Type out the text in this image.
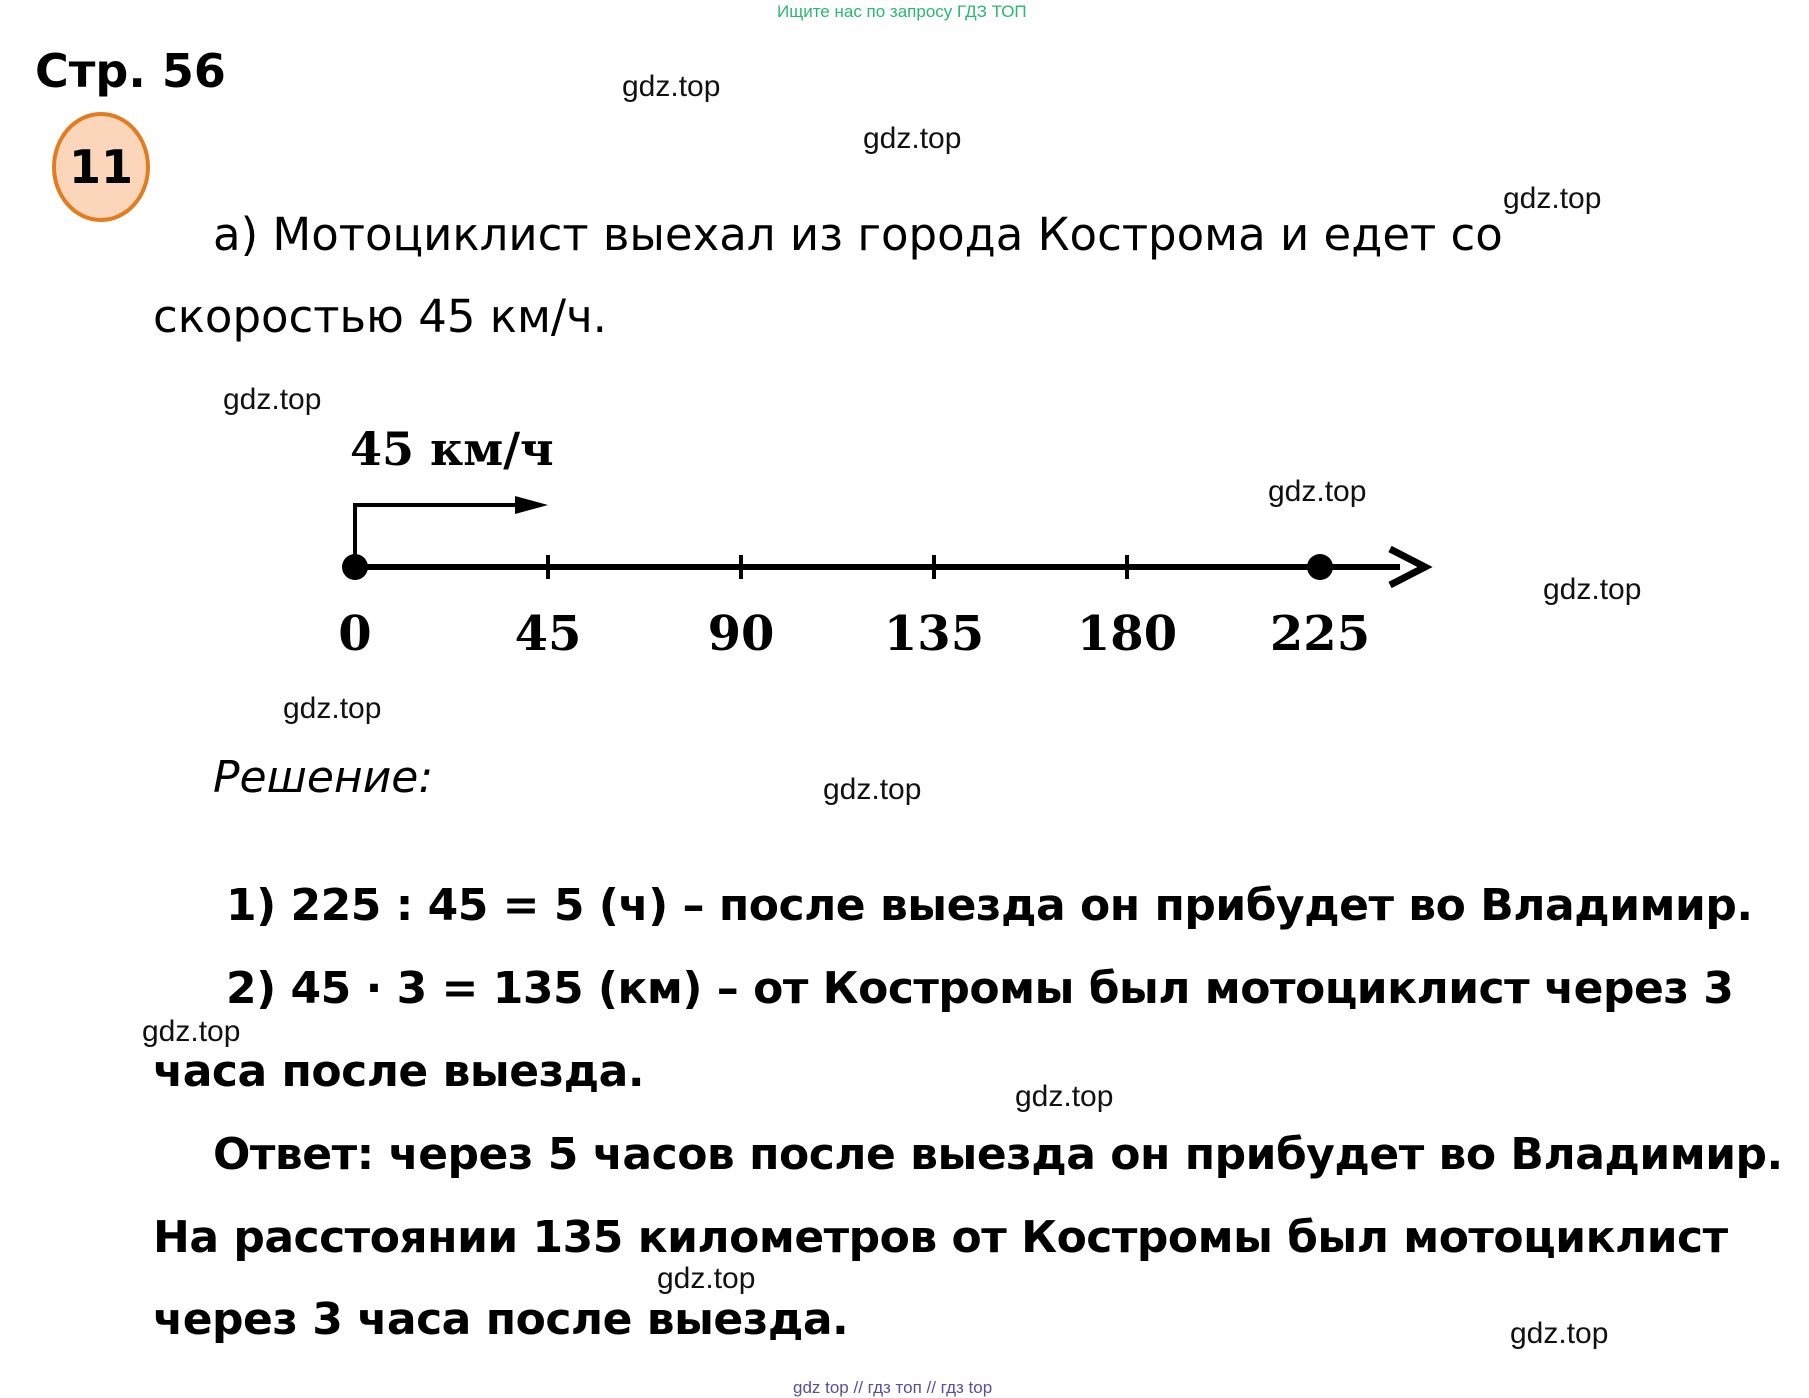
Ищите нас по запросу ГДЗ ТОП
Стр. 56
11
а) Мотоциклист выехал из города Кострома и едет со
скоростью 45 км/ч.
45 км/ч
0	45	90 135 180 225
Решение:
1) 225 : 45 = 5 (ч) – после выезда он прибудет во Владимир.
2) 45 · 3 = 135 (км) – от Костромы был мотоциклист через 3
часа после выезда.
Ответ: через 5 часов после выезда он прибудет во Владимир.
На расстоянии 135 километров от Костромы был мотоциклист
через 3 часа после выезда.
gdz.top
gdz.top
gdz.top
gdz.top
gdz.top
gdz.top
gdz.top
gdz.top
gdz.top
gdz.top
gdz.top
gdz.top
gdz top // гдз топ // гдз top
